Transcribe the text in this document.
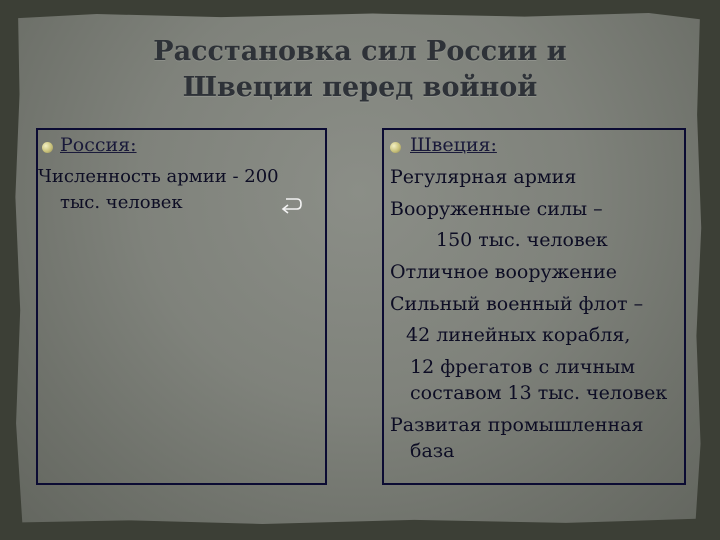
Расстановка сил России и
Швеции перед войной
Россия:
Численность армии - 200
тыс. человек
Швеция:
Регулярная армия
Вооруженные силы –
150 тыс. человек
Отличное вооружение
Сильный военный флот –
42 линейных корабля,
12 фрегатов с личным
составом 13 тыс. человек
Развитая промышленная
база
